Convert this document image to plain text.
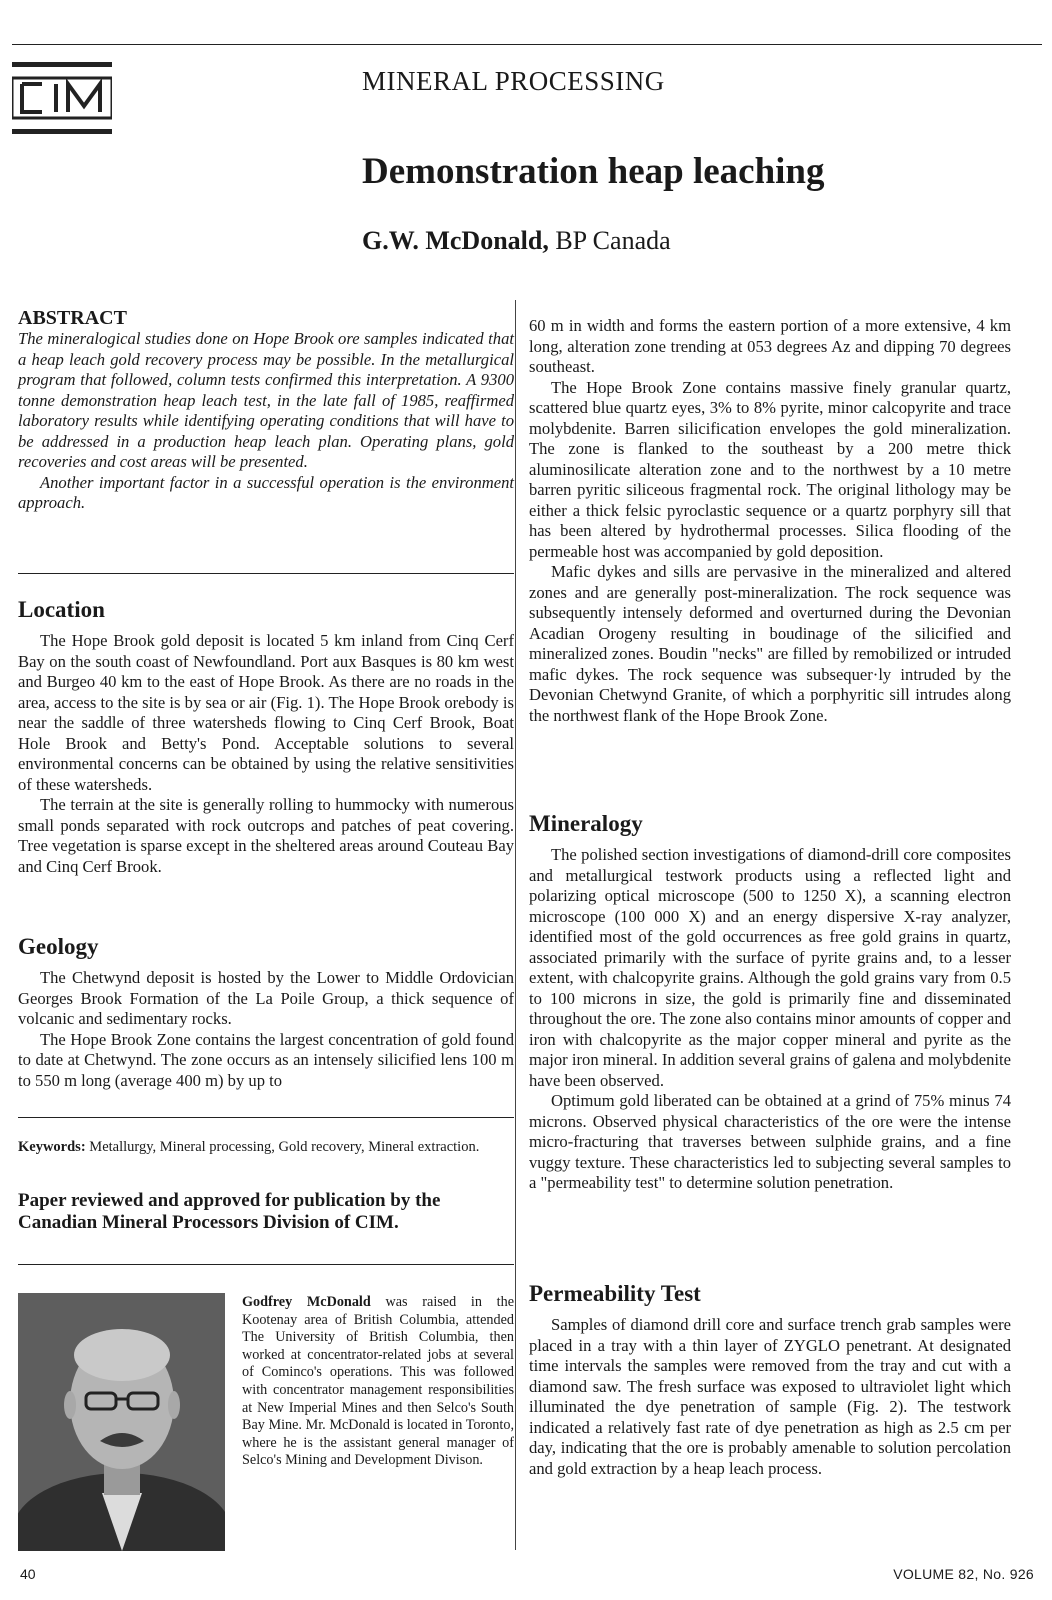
MINERAL PROCESSING
Demonstration heap leaching
G.W. McDonald, BP Canada
ABSTRACT

The mineralogical studies done on Hope Brook ore samples indicated that a heap leach gold recovery process may be possible. In the metallurgical program that followed, column tests confirmed this interpretation. A 9300 tonne demonstration heap leach test, in the late fall of 1985, reaffirmed laboratory results while identifying operating conditions that will have to be addressed in a production heap leach plan. Operating plans, gold recoveries and cost areas will be presented.

Another important factor in a successful operation is the environment approach.

Location

The Hope Brook gold deposit is located 5 km inland from Cinq Cerf Bay on the south coast of Newfoundland. Port aux Basques is 80 km west and Burgeo 40 km to the east of Hope Brook. As there are no roads in the area, access to the site is by sea or air (Fig. 1). The Hope Brook orebody is near the saddle of three watersheds flowing to Cinq Cerf Brook, Boat Hole Brook and Betty's Pond. Acceptable solutions to several environmental concerns can be obtained by using the relative sensitivities of these watersheds.

The terrain at the site is generally rolling to hummocky with numerous small ponds separated with rock outcrops and patches of peat covering. Tree vegetation is sparse except in the sheltered areas around Couteau Bay and Cinq Cerf Brook.

Geology

The Chetwynd deposit is hosted by the Lower to Middle Ordovician Georges Brook Formation of the La Poile Group, a thick sequence of volcanic and sedimentary rocks.

The Hope Brook Zone contains the largest concentration of gold found to date at Chetwynd. The zone occurs as an intensely silicified lens 100 m to 550 m long (average 400 m) by up to

Keywords: Metallurgy, Mineral processing, Gold recovery, Mineral extraction.
Paper reviewed and approved for publication by the Canadian Mineral Processors Division of CIM.
Godfrey McDonald was raised in the Kootenay area of British Columbia, attended The University of British Columbia, then worked at concentrator-related jobs at several of Cominco's operations. This was followed with concentrator management responsibilities at New Imperial Mines and then Selco's South Bay Mine. Mr. McDonald is located in Toronto, where he is the assistant general manager of Selco's Mining and Development Divison.

60 m in width and forms the eastern portion of a more extensive, 4 km long, alteration zone trending at 053 degrees Az and dipping 70 degrees southeast.

The Hope Brook Zone contains massive finely granular quartz, scattered blue quartz eyes, 3% to 8% pyrite, minor calcopyrite and trace molybdenite. Barren silicification envelopes the gold mineralization. The zone is flanked to the southeast by a 200 metre thick aluminosilicate alteration zone and to the northwest by a 10 metre barren pyritic siliceous fragmental rock. The original lithology may be either a thick felsic pyroclastic sequence or a quartz porphyry sill that has been altered by hydrothermal processes. Silica flooding of the permeable host was accompanied by gold deposition.

Mafic dykes and sills are pervasive in the mineralized and altered zones and are generally post-mineralization. The rock sequence was subsequently intensely deformed and overturned during the Devonian Acadian Orogeny resulting in boudinage of the silicified and mineralized zones. Boudin "necks" are filled by remobilized or intruded mafic dykes. The rock sequence was subsequer·ly intruded by the Devonian Chetwynd Granite, of which a porphyritic sill intrudes along the northwest flank of the Hope Brook Zone.

Mineralogy

The polished section investigations of diamond-drill core composites and metallurgical testwork products using a reflected light and polarizing optical microscope (500 to 1250 X), a scanning electron microscope (100 000 X) and an energy dispersive X-ray analyzer, identified most of the gold occurrences as free gold grains in quartz, associated primarily with the surface of pyrite grains and, to a lesser extent, with chalcopyrite grains. Although the gold grains vary from 0.5 to 100 microns in size, the gold is primarily fine and disseminated throughout the ore. The zone also contains minor amounts of copper and iron with chalcopyrite as the major copper mineral and pyrite as the major iron mineral. In addition several grains of galena and molybdenite have been observed.

Optimum gold liberated can be obtained at a grind of 75% minus 74 microns. Observed physical characteristics of the ore were the intense micro-fracturing that traverses between sulphide grains, and a fine vuggy texture. These characteristics led to subjecting several samples to a "permeability test" to determine solution penetration.

Permeability Test

Samples of diamond drill core and surface trench grab samples were placed in a tray with a thin layer of ZYGLO penetrant. At designated time intervals the samples were removed from the tray and cut with a diamond saw. The fresh surface was exposed to ultraviolet light which illuminated the dye penetration of sample (Fig. 2). The testwork indicated a relatively fast rate of dye penetration as high as 2.5 cm per day, indicating that the ore is probably amenable to solution percolation and gold extraction by a heap leach process.

40	VOLUME 82, No. 926
